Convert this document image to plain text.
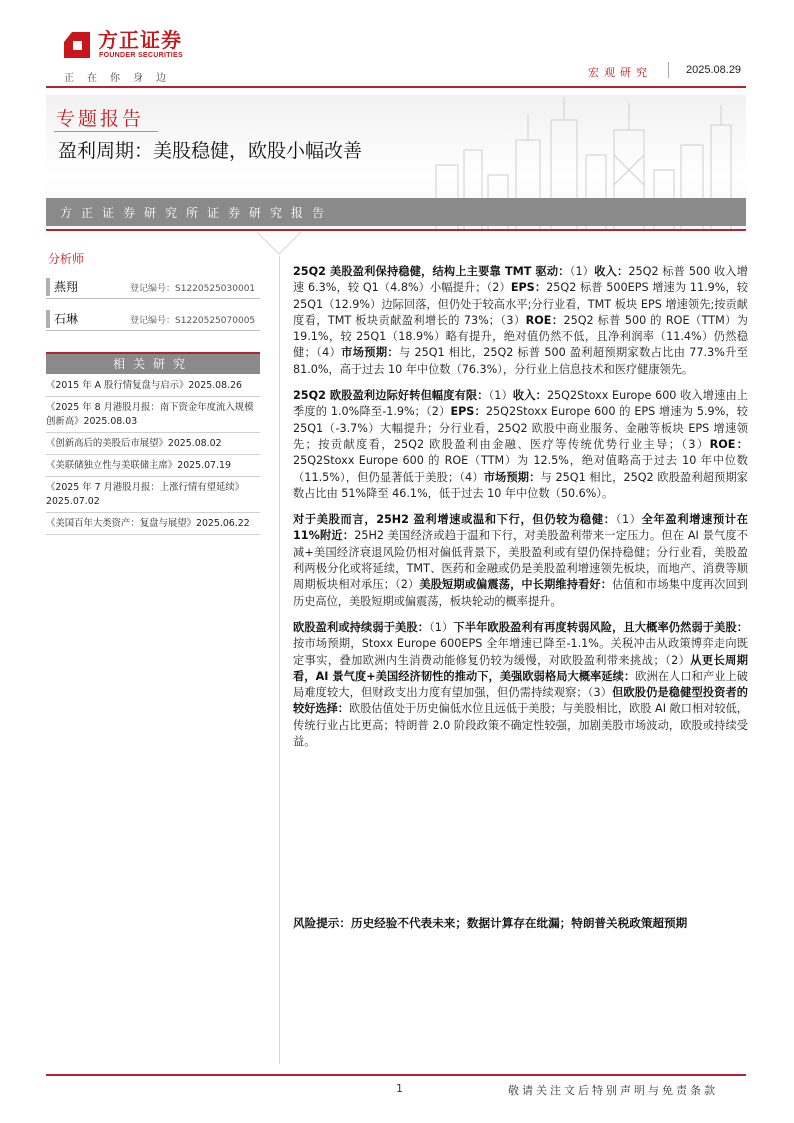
方正证券
FOUNDER SECURITIES
正在你身边	宏观研究	2025.08.29
专题报告
盈利周期：美股稳健，欧股小幅改善
方正证券研究所证券研究报告
分析师
燕翔	登记编号：S1220525030001
石琳	登记编号：S1220525070005
相关研究
《2015 年 A 股行情复盘与启示》2025.08.26
《2025 年 8 月港股月报：南下资金年度流入规模创新高》2025.08.03
《创新高后的美股后市展望》2025.08.02
《美联储独立性与美联储主席》2025.07.19
《2025 年 7 月港股月报：上涨行情有望延续》2025.07.02
《美国百年大类资产：复盘与展望》2025.06.22

25Q2 美股盈利保持稳健，结构上主要靠 TMT 驱动：（1）收入：25Q2 标普 500 收入增速 6.3%，较 Q1（4.8%）小幅提升；（2）EPS：25Q2 标普 500EPS 增速为 11.9%，较 25Q1（12.9%）边际回落，但仍处于较高水平;分行业看，TMT 板块 EPS 增速领先;按贡献度看，TMT 板块贡献盈利增长的 73%；（3）ROE：25Q2 标普 500 的 ROE（TTM）为 19.1%，较 25Q1（18.9%）略有提升，绝对值仍然不低，且净利润率（11.4%）仍然稳健；（4）市场预期：与 25Q1 相比，25Q2 标普 500 盈利超预期家数占比由 77.3%升至 81.0%，高于过去 10 年中位数（76.3%），分行业上信息技术和医疗健康领先。

25Q2 欧股盈利边际好转但幅度有限：（1）收入：25Q2Stoxx Europe 600 收入增速由上季度的 1.0%降至-1.9%；（2）EPS：25Q2Stoxx Europe 600 的 EPS 增速为 5.9%，较 25Q1（-3.7%）大幅提升；分行业看，25Q2 欧股中商业服务、金融等板块 EPS 增速领先；按贡献度看，25Q2 欧股盈利由金融、医疗等传统优势行业主导；（3）ROE：25Q2Stoxx Europe 600 的 ROE（TTM）为 12.5%，绝对值略高于过去 10 年中位数（11.5%），但仍显著低于美股；（4）市场预期：与 25Q1 相比，25Q2 欧股盈利超预期家数占比由 51%降至 46.1%，低于过去 10 年中位数（50.6%）。

对于美股而言，25H2 盈利增速或温和下行，但仍较为稳健：（1）全年盈利增速预计在 11%附近：25H2 美国经济或趋于温和下行，对美股盈利带来一定压力。但在 AI 景气度不减+美国经济衰退风险仍相对偏低背景下，美股盈利或有望仍保持稳健；分行业看，美股盈利两极分化或将延续，TMT、医药和金融或仍是美股盈利增速领先板块，而地产、消费等顺周期板块相对承压；（2）美股短期或偏震荡，中长期维持看好：估值和市场集中度再次回到历史高位，美股短期或偏震荡，板块轮动的概率提升。

欧股盈利或持续弱于美股：（1）下半年欧股盈利有再度转弱风险，且大概率仍然弱于美股：按市场预期，Stoxx Europe 600EPS 全年增速已降至-1.1%。关税冲击从政策博弈走向既定事实，叠加欧洲内生消费动能修复仍较为缓慢，对欧股盈利带来挑战；（2）从更长周期看，AI 景气度+美国经济韧性的推动下，美强欧弱格局大概率延续：欧洲在人口和产业上破局难度较大，但财政支出力度有望加强，但仍需持续观察；（3）但欧股仍是稳健型投资者的较好选择：欧股估值处于历史偏低水位且远低于美股；与美股相比，欧股 AI 敞口相对较低，传统行业占比更高；特朗普 2.0 阶段政策不确定性较强，加剧美股市场波动，欧股或持续受益。

风险提示：历史经验不代表未来；数据计算存在纰漏；特朗普关税政策超预期
1	敬请关注文后特别声明与免责条款
